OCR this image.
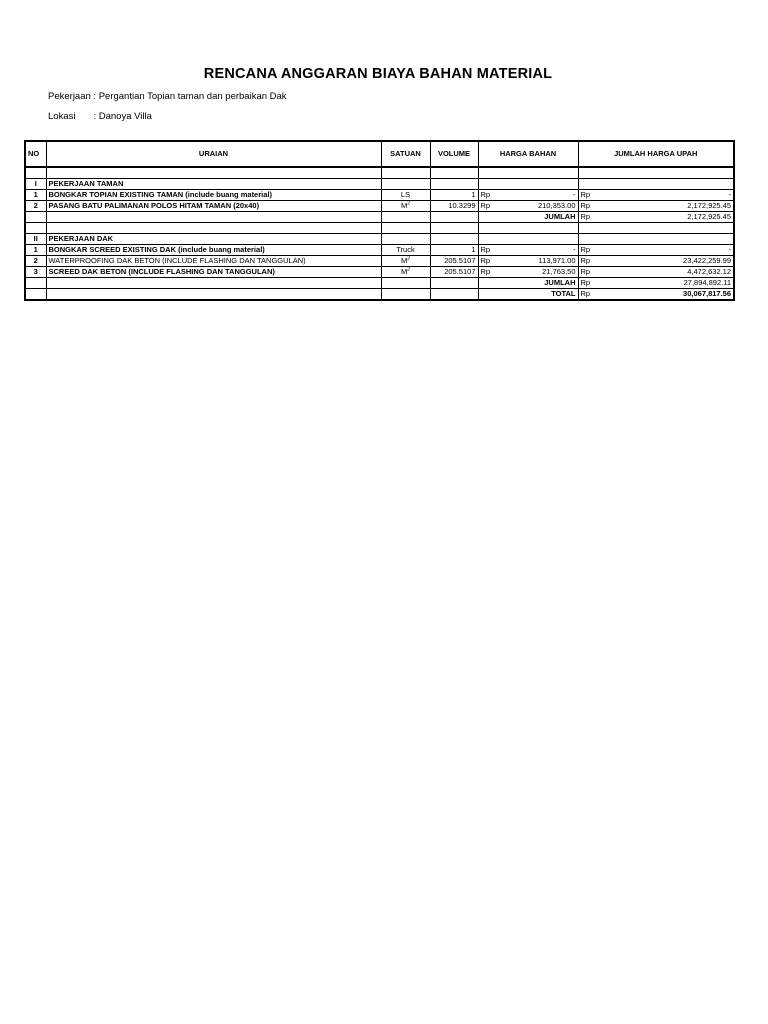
RENCANA ANGGARAN BIAYA BAHAN MATERIAL
Pekerjaan : Pergantian Topian taman dan perbaikan Dak
Lokasi : Danoya Villa
NO	URAIAN	SATUAN	VOLUME	HARGA BAHAN		JUMLAH HARGA UPAH	

I	PEKERJAAN TAMAN						
1	BONGKAR TOPIAN EXISTING TAMAN (include buang material)	LS	1	Rp	-	Rp	-
2	PASANG BATU PALIMANAN POLOS HITAM TAMAN (20x40)	$M^2$	10.3299	Rp	210,353.00	Rp	2,172,925.45
				JUMLAH		Rp	2,172,925.45

II	PEKERJAAN DAK						
1	BONGKAR SCREED EXISTING DAK (include buang material)	Truck	1	Rp	-	Rp	-
2	WATERPROOFING DAK BETON (INCLUDE FLASHING DAN TANGGULAN)	$M^2$	205.5107	Rp	113,971.00	Rp	23,422,259.99
3	SCREED DAK BETON (INCLUDE FLASHING DAN TANGGULAN)	$M^2$	205.5107	Rp	21,763.50	Rp	4,472,632.12
				JUMLAH		Rp	27,894,892.11
				TOTAL		Rp	30,067,817.56
